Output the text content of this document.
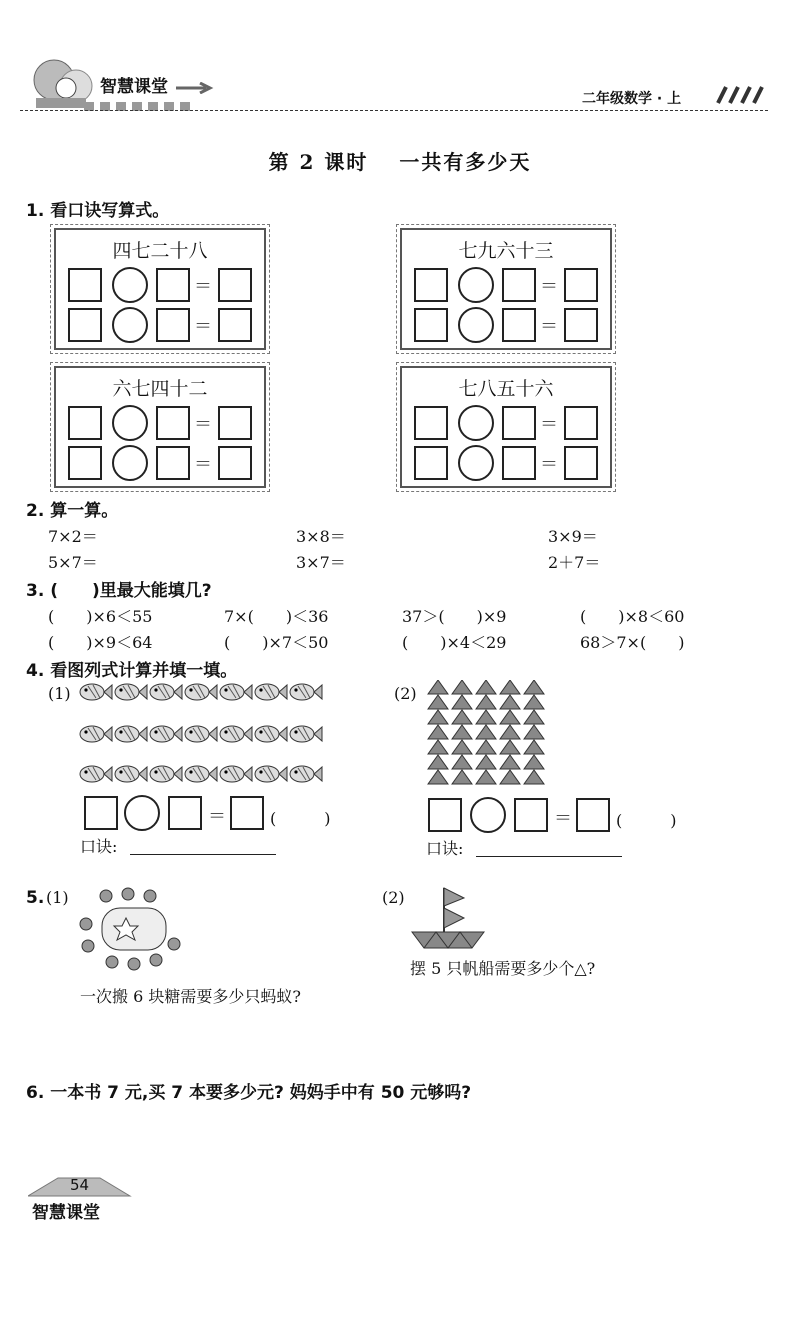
智慧课堂
二年级数学 · 上
第 2 课时　 一共有多少天
1. 看口诀写算式。
四七二十八
＝
＝
七九六十三
＝
＝
六七四十二
＝
＝
七八五十六
＝
＝
2. 算一算。
7×2＝	3×8＝	3×9＝
5×7＝	3×7＝	2＋7＝
3. (　　)里最大能填几?
(　　)×6＜55	7×(　　)＜36	37＞(　　)×9	(　　)×8＜60
(　　)×9＜64	(　　)×7＜50	(　　)×4＜29	68＞7×(　　)
4. 看图列式计算并填一填。
(1)	(2)
＝	(　　　)
口诀:
＝	(　　　)
口诀:
5. (1)
一次搬 6 块糖需要多少只蚂蚁?
(2)
摆 5 只帆船需要多少个△?
6. 一本书 7 元,买 7 本要多少元? 妈妈手中有 50 元够吗?
54
智慧课堂
